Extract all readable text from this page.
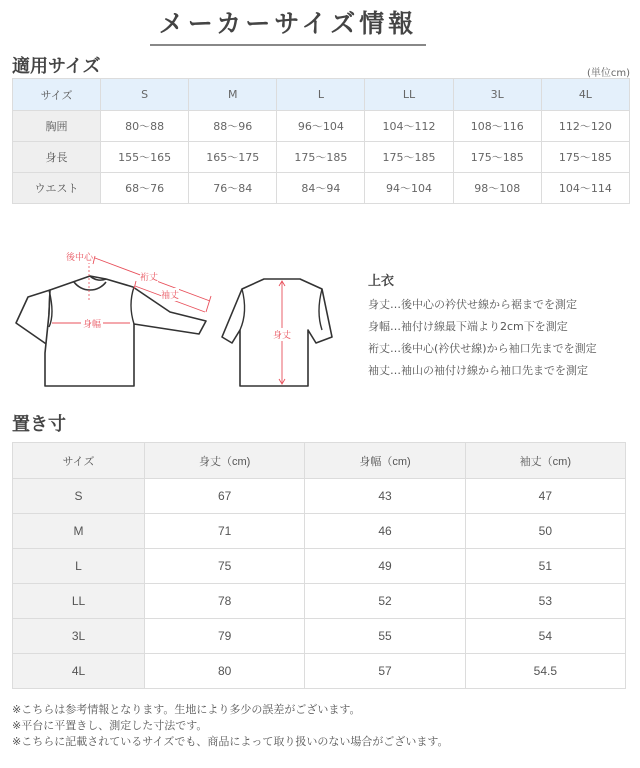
メーカーサイズ情報
適用サイズ	(単位cm)
サイズ	S	M	L	LL	3L	4L
胸囲	80〜88	88〜96	96〜104	104〜112	108〜116	112〜120
身長	155〜165	165〜175	175〜185	175〜185	175〜185	175〜185
ウエスト	68〜76	76〜84	84〜94	94〜104	98〜108	104〜114
後中心
裄丈
袖丈
身幅
身丈
上衣
身丈…後中心の衿伏せ線から裾までを測定
身幅…袖付け線最下端より2cm下を測定
裄丈…後中心(衿伏せ線)から袖口先までを測定
袖丈…袖山の袖付け線から袖口先までを測定
置き寸
サイズ	身丈（cm)	身幅（cm)	袖丈（cm)
S	67	43	47
M	71	46	50
L	75	49	51
LL	78	52	53
3L	79	55	54
4L	80	57	54.5
※こちらは参考情報となります。生地により多少の誤差がございます。
※平台に平置きし、測定した寸法です。
※こちらに記載されているサイズでも、商品によって取り扱いのない場合がございます。
